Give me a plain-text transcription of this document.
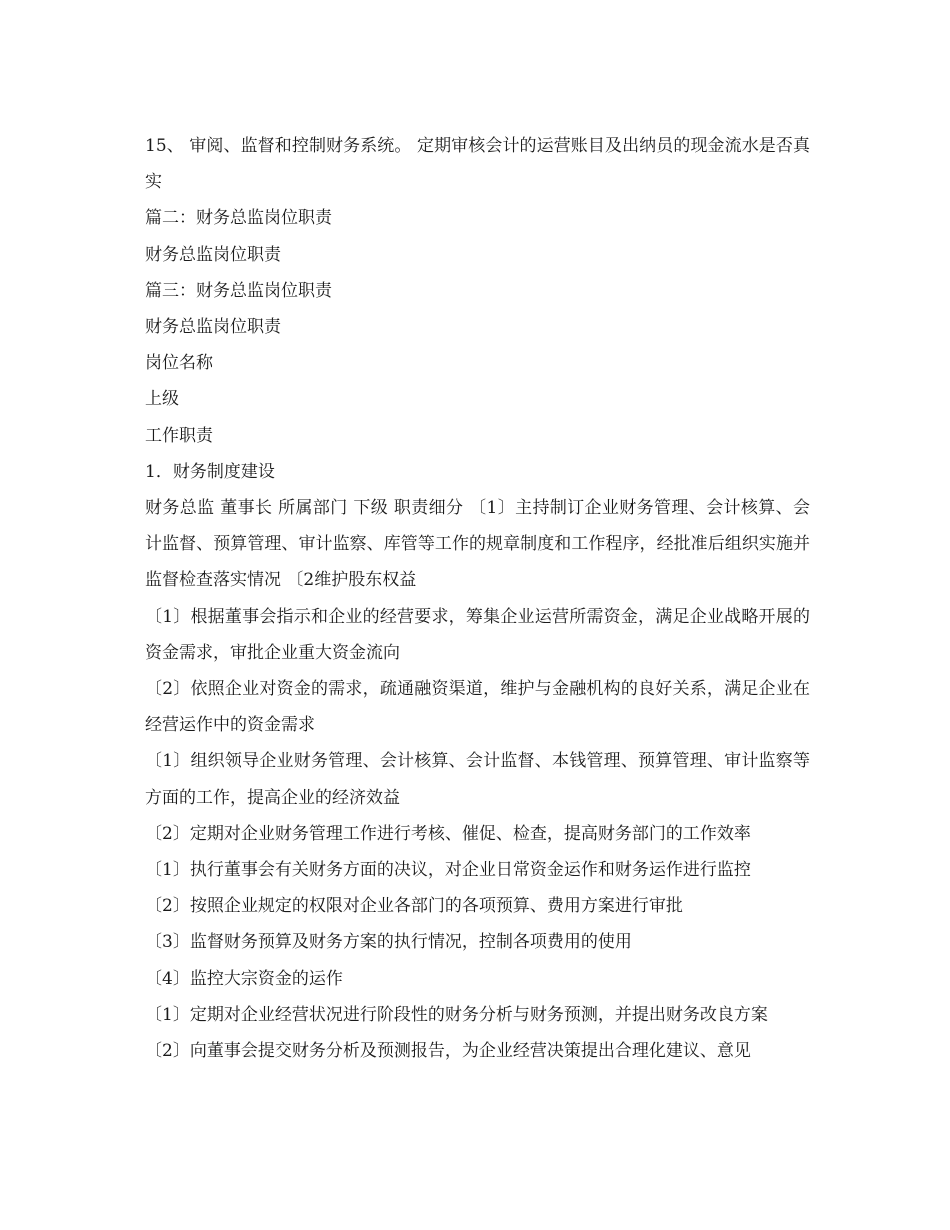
15、 审阅、监督和控制财务系统。 定期审核会计的运营账目及出纳员的现金流水是否真实

篇二：财务总监岗位职责

财务总监岗位职责

篇三：财务总监岗位职责

财务总监岗位职责

岗位名称

上级

工作职责

1．财务制度建设

财务总监 董事长 所属部门 下级 职责细分 〔1〕主持制订企业财务管理、会计核算、会计监督、预算管理、审计监察、库管等工作的规章制度和工作程序，经批准后组织实施并监督检查落实情况 〔2维护股东权益

〔1〕根据董事会指示和企业的经营要求，筹集企业运营所需资金，满足企业战略开展的资金需求，审批企业重大资金流向

〔2〕依照企业对资金的需求，疏通融资渠道，维护与金融机构的良好关系，满足企业在经营运作中的资金需求

〔1〕组织领导企业财务管理、会计核算、会计监督、本钱管理、预算管理、审计监察等方面的工作，提高企业的经济效益

〔2〕定期对企业财务管理工作进行考核、催促、检查，提高财务部门的工作效率

〔1〕执行董事会有关财务方面的决议，对企业日常资金运作和财务运作进行监控

〔2〕按照企业规定的权限对企业各部门的各项预算、费用方案进行审批

〔3〕监督财务预算及财务方案的执行情况，控制各项费用的使用

〔4〕监控大宗资金的运作

〔1〕定期对企业经营状况进行阶段性的财务分析与财务预测，并提出财务改良方案

〔2〕向董事会提交财务分析及预测报告，为企业经营决策提出合理化建议、意见
